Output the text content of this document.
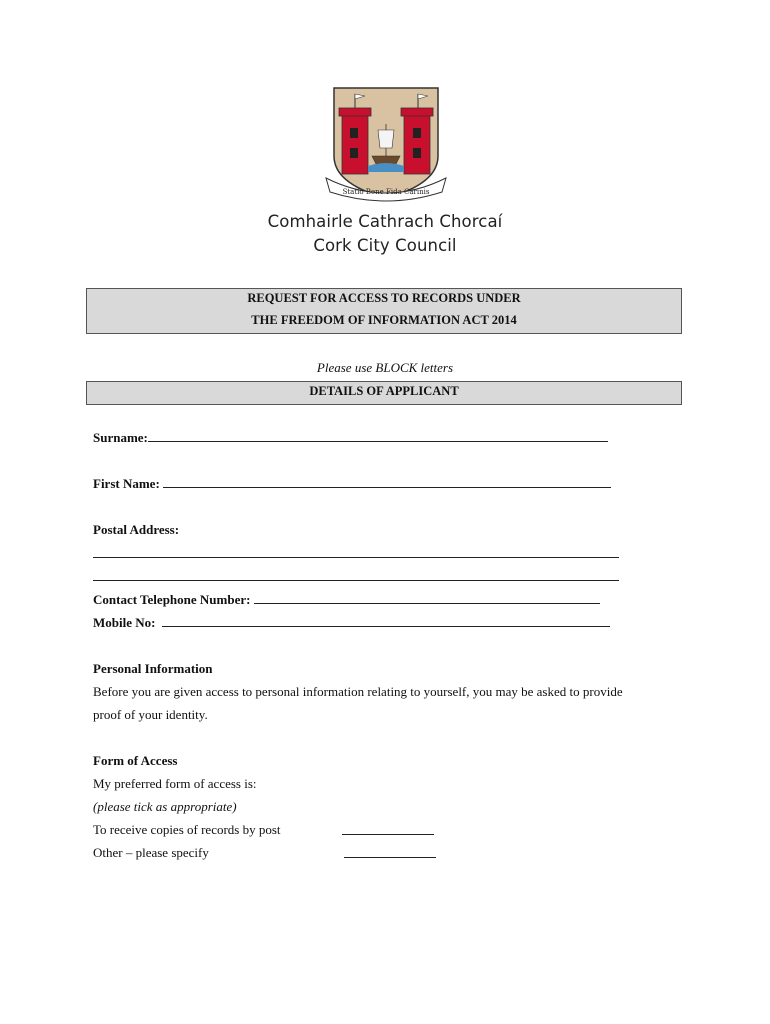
Statio Bene Fida Carinis
Comhairle Cathrach Chorcaí
Cork City Council
REQUEST FOR ACCESS TO RECORDS UNDER
THE FREEDOM OF INFORMATION ACT 2014
Please use BLOCK letters
DETAILS OF APPLICANT
Surname:
First Name:
Postal Address:
Contact Telephone Number:
Mobile No:
Personal Information
Before you are given access to personal information relating to yourself, you may be asked to provide
proof of your identity.
Form of Access
My preferred form of access is:
(please tick as appropriate)
To receive copies of records by post
Other – please specify
